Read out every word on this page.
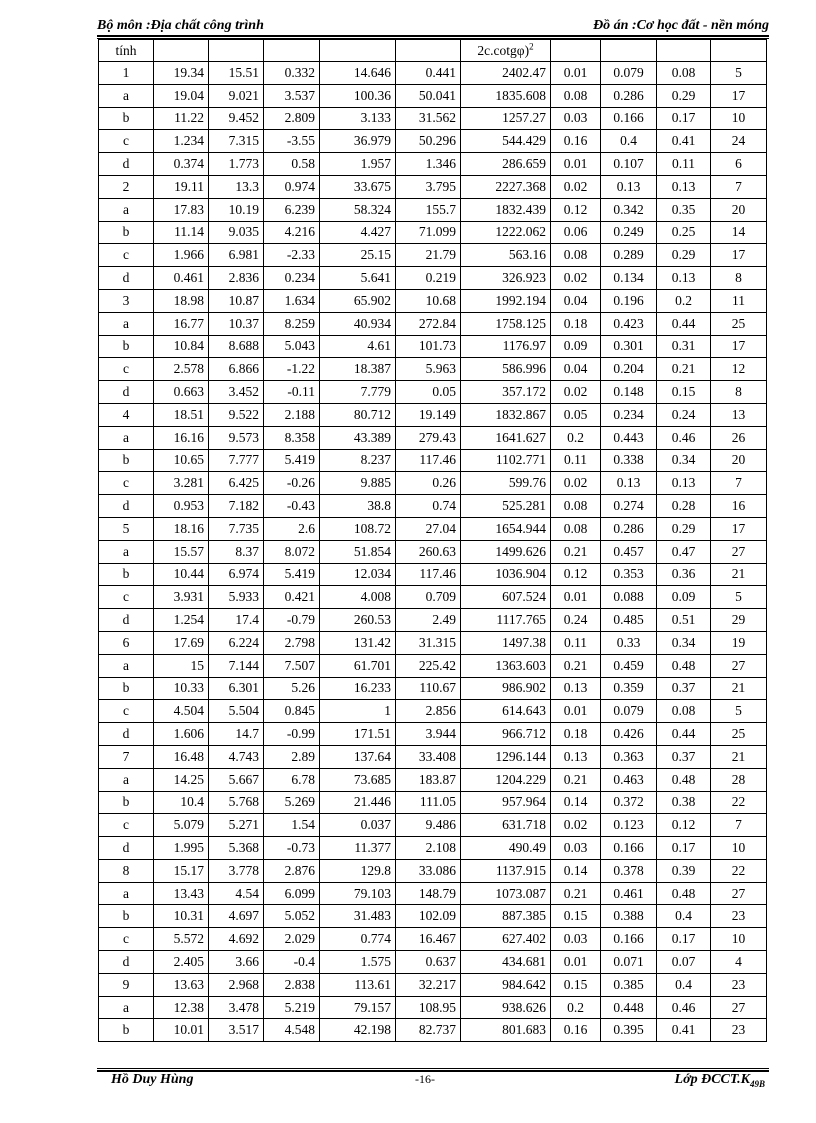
Bộ môn :Địa chất công trình	Đồ án :Cơ học đất - nền móng
tính						2c.cotgφ)$^2$				
1	19.34	15.51	0.332	14.646	0.441	2402.47	0.01	0.079	0.08	5
a	19.04	9.021	3.537	100.36	50.041	1835.608	0.08	0.286	0.29	17
b	11.22	9.452	2.809	3.133	31.562	1257.27	0.03	0.166	0.17	10
c	1.234	7.315	-3.55	36.979	50.296	544.429	0.16	0.4	0.41	24
d	0.374	1.773	0.58	1.957	1.346	286.659	0.01	0.107	0.11	6
2	19.11	13.3	0.974	33.675	3.795	2227.368	0.02	0.13	0.13	7
a	17.83	10.19	6.239	58.324	155.7	1832.439	0.12	0.342	0.35	20
b	11.14	9.035	4.216	4.427	71.099	1222.062	0.06	0.249	0.25	14
c	1.966	6.981	-2.33	25.15	21.79	563.16	0.08	0.289	0.29	17
d	0.461	2.836	0.234	5.641	0.219	326.923	0.02	0.134	0.13	8
3	18.98	10.87	1.634	65.902	10.68	1992.194	0.04	0.196	0.2	11
a	16.77	10.37	8.259	40.934	272.84	1758.125	0.18	0.423	0.44	25
b	10.84	8.688	5.043	4.61	101.73	1176.97	0.09	0.301	0.31	17
c	2.578	6.866	-1.22	18.387	5.963	586.996	0.04	0.204	0.21	12
d	0.663	3.452	-0.11	7.779	0.05	357.172	0.02	0.148	0.15	8
4	18.51	9.522	2.188	80.712	19.149	1832.867	0.05	0.234	0.24	13
a	16.16	9.573	8.358	43.389	279.43	1641.627	0.2	0.443	0.46	26
b	10.65	7.777	5.419	8.237	117.46	1102.771	0.11	0.338	0.34	20
c	3.281	6.425	-0.26	9.885	0.26	599.76	0.02	0.13	0.13	7
d	0.953	7.182	-0.43	38.8	0.74	525.281	0.08	0.274	0.28	16
5	18.16	7.735	2.6	108.72	27.04	1654.944	0.08	0.286	0.29	17
a	15.57	8.37	8.072	51.854	260.63	1499.626	0.21	0.457	0.47	27
b	10.44	6.974	5.419	12.034	117.46	1036.904	0.12	0.353	0.36	21
c	3.931	5.933	0.421	4.008	0.709	607.524	0.01	0.088	0.09	5
d	1.254	17.4	-0.79	260.53	2.49	1117.765	0.24	0.485	0.51	29
6	17.69	6.224	2.798	131.42	31.315	1497.38	0.11	0.33	0.34	19
a	15	7.144	7.507	61.701	225.42	1363.603	0.21	0.459	0.48	27
b	10.33	6.301	5.26	16.233	110.67	986.902	0.13	0.359	0.37	21
c	4.504	5.504	0.845	1	2.856	614.643	0.01	0.079	0.08	5
d	1.606	14.7	-0.99	171.51	3.944	966.712	0.18	0.426	0.44	25
7	16.48	4.743	2.89	137.64	33.408	1296.144	0.13	0.363	0.37	21
a	14.25	5.667	6.78	73.685	183.87	1204.229	0.21	0.463	0.48	28
b	10.4	5.768	5.269	21.446	111.05	957.964	0.14	0.372	0.38	22
c	5.079	5.271	1.54	0.037	9.486	631.718	0.02	0.123	0.12	7
d	1.995	5.368	-0.73	11.377	2.108	490.49	0.03	0.166	0.17	10
8	15.17	3.778	2.876	129.8	33.086	1137.915	0.14	0.378	0.39	22
a	13.43	4.54	6.099	79.103	148.79	1073.087	0.21	0.461	0.48	27
b	10.31	4.697	5.052	31.483	102.09	887.385	0.15	0.388	0.4	23
c	5.572	4.692	2.029	0.774	16.467	627.402	0.03	0.166	0.17	10
d	2.405	3.66	-0.4	1.575	0.637	434.681	0.01	0.071	0.07	4
9	13.63	2.968	2.838	113.61	32.217	984.642	0.15	0.385	0.4	23
a	12.38	3.478	5.219	79.157	108.95	938.626	0.2	0.448	0.46	27
b	10.01	3.517	4.548	42.198	82.737	801.683	0.16	0.395	0.41	23
Hồ Duy Hùng	-16-	Lớp $ĐCCT.K_{49B}$
